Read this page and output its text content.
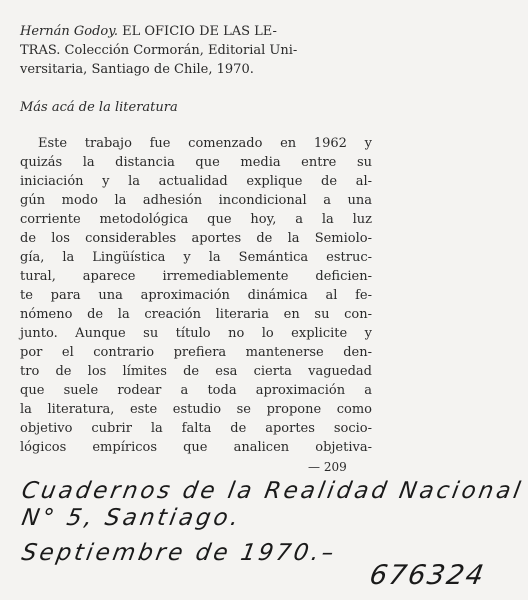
Hernán Godoy. EL OFICIO DE LAS LE-

TRAS. Colección Cormorán, Editorial Uni-

versitaria, Santiago de Chile, 1970.

Más acá de la literatura
Este trabajo fue comenzado en 1962 y
quizás la distancia que media entre su
iniciación y la actualidad explique de al-
gún modo la adhesión incondicional a una
corriente metodológica que hoy, a la luz
de los considerables aportes de la Semiolo-
gía, la Lingüística y la Semántica estruc-
tural, aparece irremediablemente deficien-
te para una aproximación dinámica al fe-
nómeno de la creación literaria en su con-
junto. Aunque su título no lo explicite y
por el contrario prefiera mantenerse den-
tro de los límites de esa cierta vaguedad
que suele rodear a toda aproximación a
la literatura, este estudio se propone como
objetivo cubrir la falta de aportes socio-
lógicos empíricos que analicen objetiva-
— 209
Cuadernos de la Realidad Nacional
N° 5, Santiago.
Septiembre de 1970.–
676324
